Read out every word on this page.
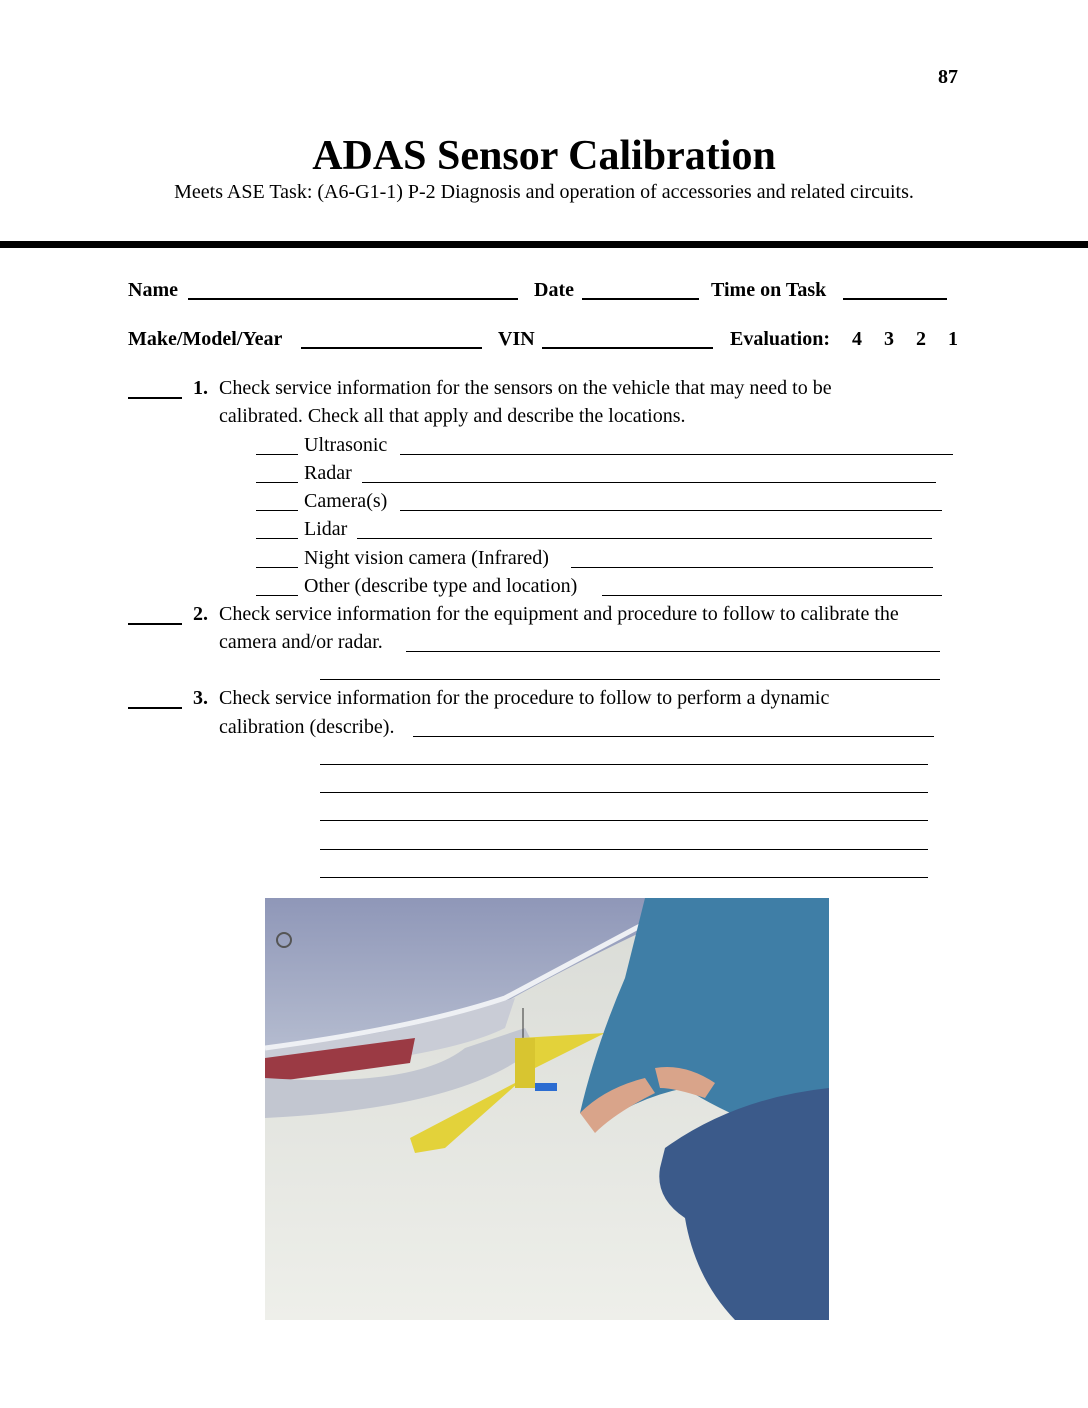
87
ADAS Sensor Calibration
Meets ASE Task: (A6-G1-1) P-2 Diagnosis and operation of accessories and related circuits.
Name	Date	Time on Task
Make/Model/Year	VIN	Evaluation: 4 3 2 1
1. Check service information for the sensors on the vehicle that may need to be
calibrated. Check all that apply and describe the locations.
Ultrasonic
Radar
Camera(s)
Lidar
Night vision camera (Infrared)
Other (describe type and location)
2. Check service information for the equipment and procedure to follow to calibrate the
camera and/or radar.
3. Check service information for the procedure to follow to perform a dynamic
calibration (describe).
